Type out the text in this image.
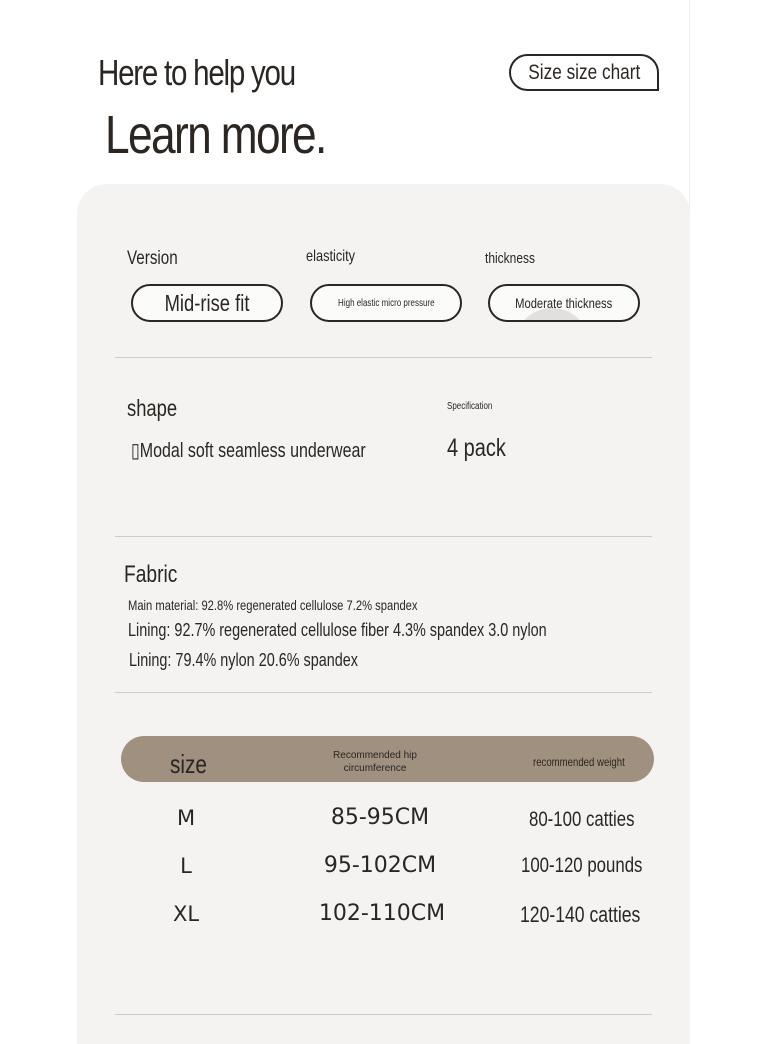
Here to help you
Learn more.
Size size chart
Version	elasticity	thickness
Mid-rise fit	High elastic micro pressure	Moderate thickness
shape
▯Modal soft seamless underwear
Specification
4 pack
Fabric
Main material: 92.8% regenerated cellulose 7.2% spandex
Lining: 92.7% regenerated cellulose fiber 4.3% spandex 3.0 nylon
Lining: 79.4% nylon 20.6% spandex
size	Recommended hip circumference	recommended weight
M	85-95CM	80-100 catties
L	95-102CM	100-120 pounds
XL	102-110CM	120-140 catties
